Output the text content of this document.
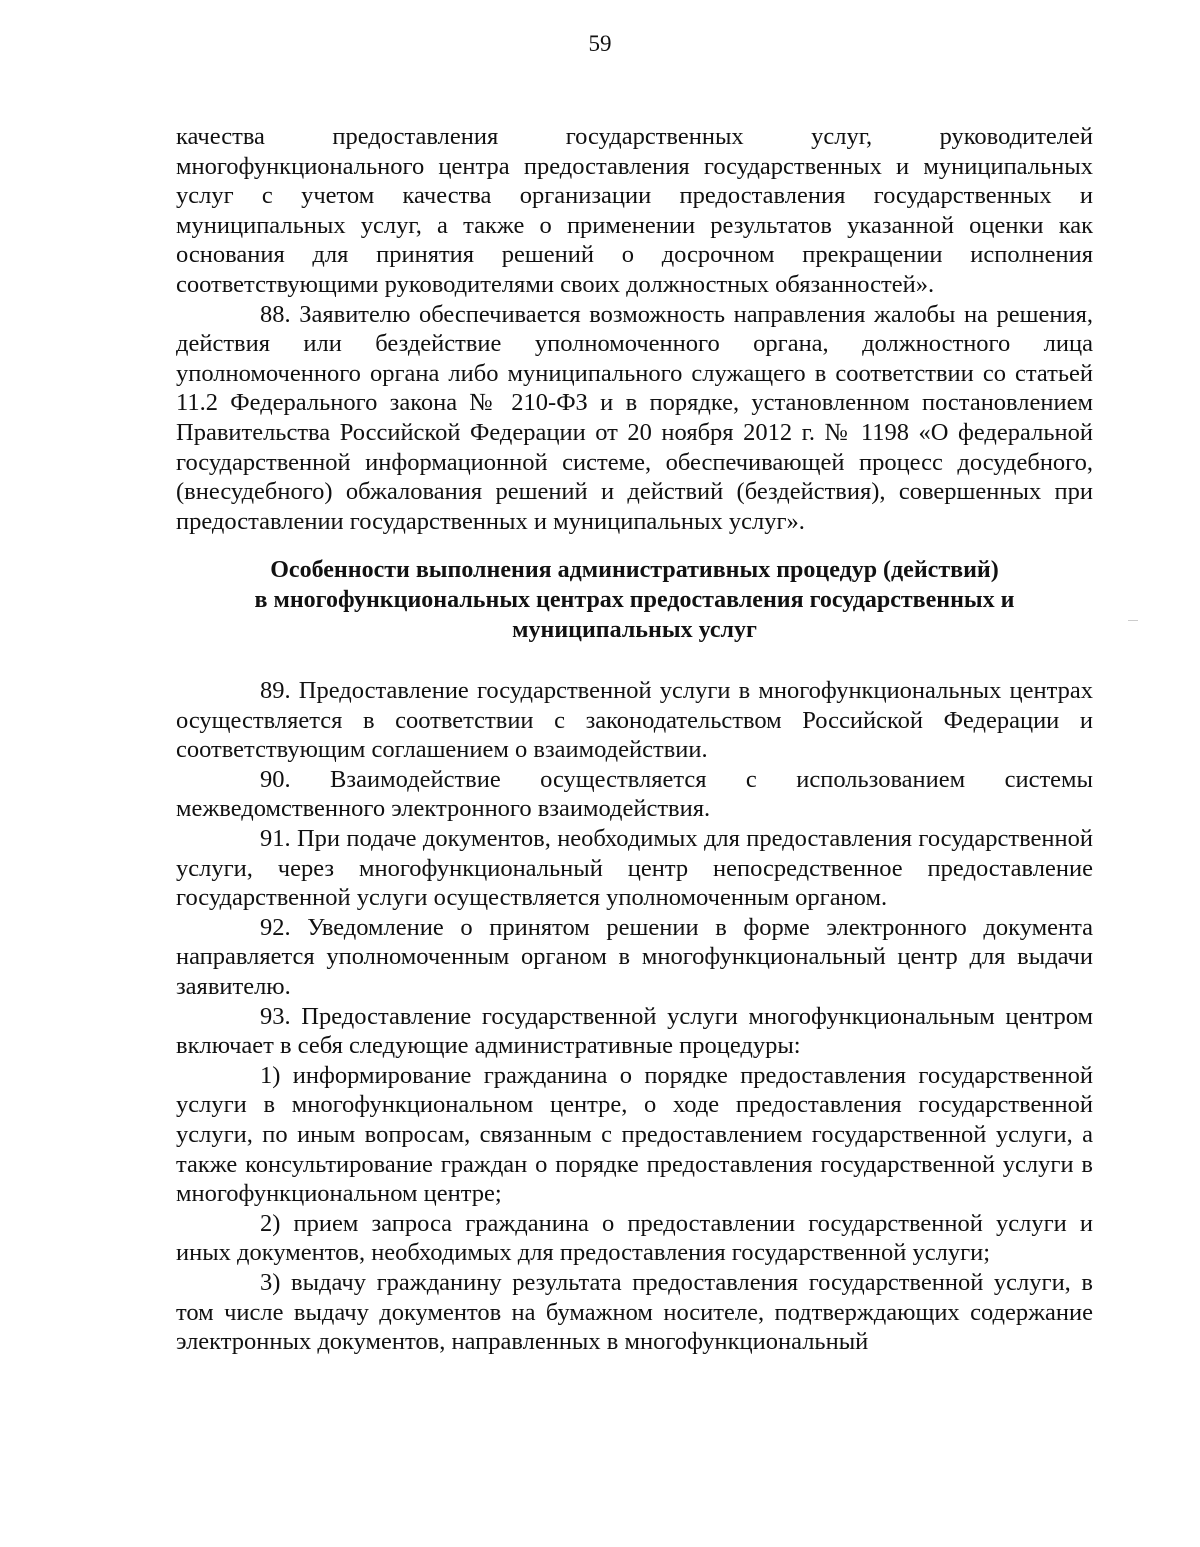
59

качества предоставления государственных услуг, руководителей многофункционального центра предоставления государственных и муниципальных услуг с учетом качества организации предоставления государственных и муниципальных услуг, а также о применении результатов указанной оценки как основания для принятия решений о досрочном прекращении исполнения соответствующими руководителями своих должностных обязанностей».

88. Заявителю обеспечивается возможность направления жалобы на решения, действия или бездействие уполномоченного органа, должностного лица уполномоченного органа либо муниципального служащего в соответствии со статьей 11.2 Федерального закона № 210-ФЗ и в порядке, установленном постановлением Правительства Российской Федерации от 20 ноября 2012 г. № 1198 «О федеральной государственной информационной системе, обеспечивающей процесс досудебного, (внесудебного) обжалования решений и действий (бездействия), совершенных при предоставлении государственных и муниципальных услуг».

Особенности выполнения административных процедур (действий)
в многофункциональных центрах предоставления государственных и
муниципальных услуг

89. Предоставление государственной услуги в многофункциональных центрах осуществляется в соответствии с законодательством Российской Федерации и соответствующим соглашением о взаимодействии.

90. Взаимодействие осуществляется с использованием системы межведомственного электронного взаимодействия.

91. При подаче документов, необходимых для предоставления государственной услуги, через многофункциональный центр непосредственное предоставление государственной услуги осуществляется уполномоченным органом.

92. Уведомление о принятом решении в форме электронного документа направляется уполномоченным органом в многофункциональный центр для выдачи заявителю.

93. Предоставление государственной услуги многофункциональным центром включает в себя следующие административные процедуры:

1) информирование гражданина о порядке предоставления государственной услуги в многофункциональном центре, о ходе предоставления государственной услуги, по иным вопросам, связанным с предоставлением государственной услуги, а также консультирование граждан о порядке предоставления государственной услуги в многофункциональном центре;

2) прием запроса гражданина о предоставлении государственной услуги и иных документов, необходимых для предоставления государственной услуги;

3) выдачу гражданину результата предоставления государственной услуги, в том числе выдачу документов на бумажном носителе, подтверждающих содержание электронных документов, направленных в многофункциональный
